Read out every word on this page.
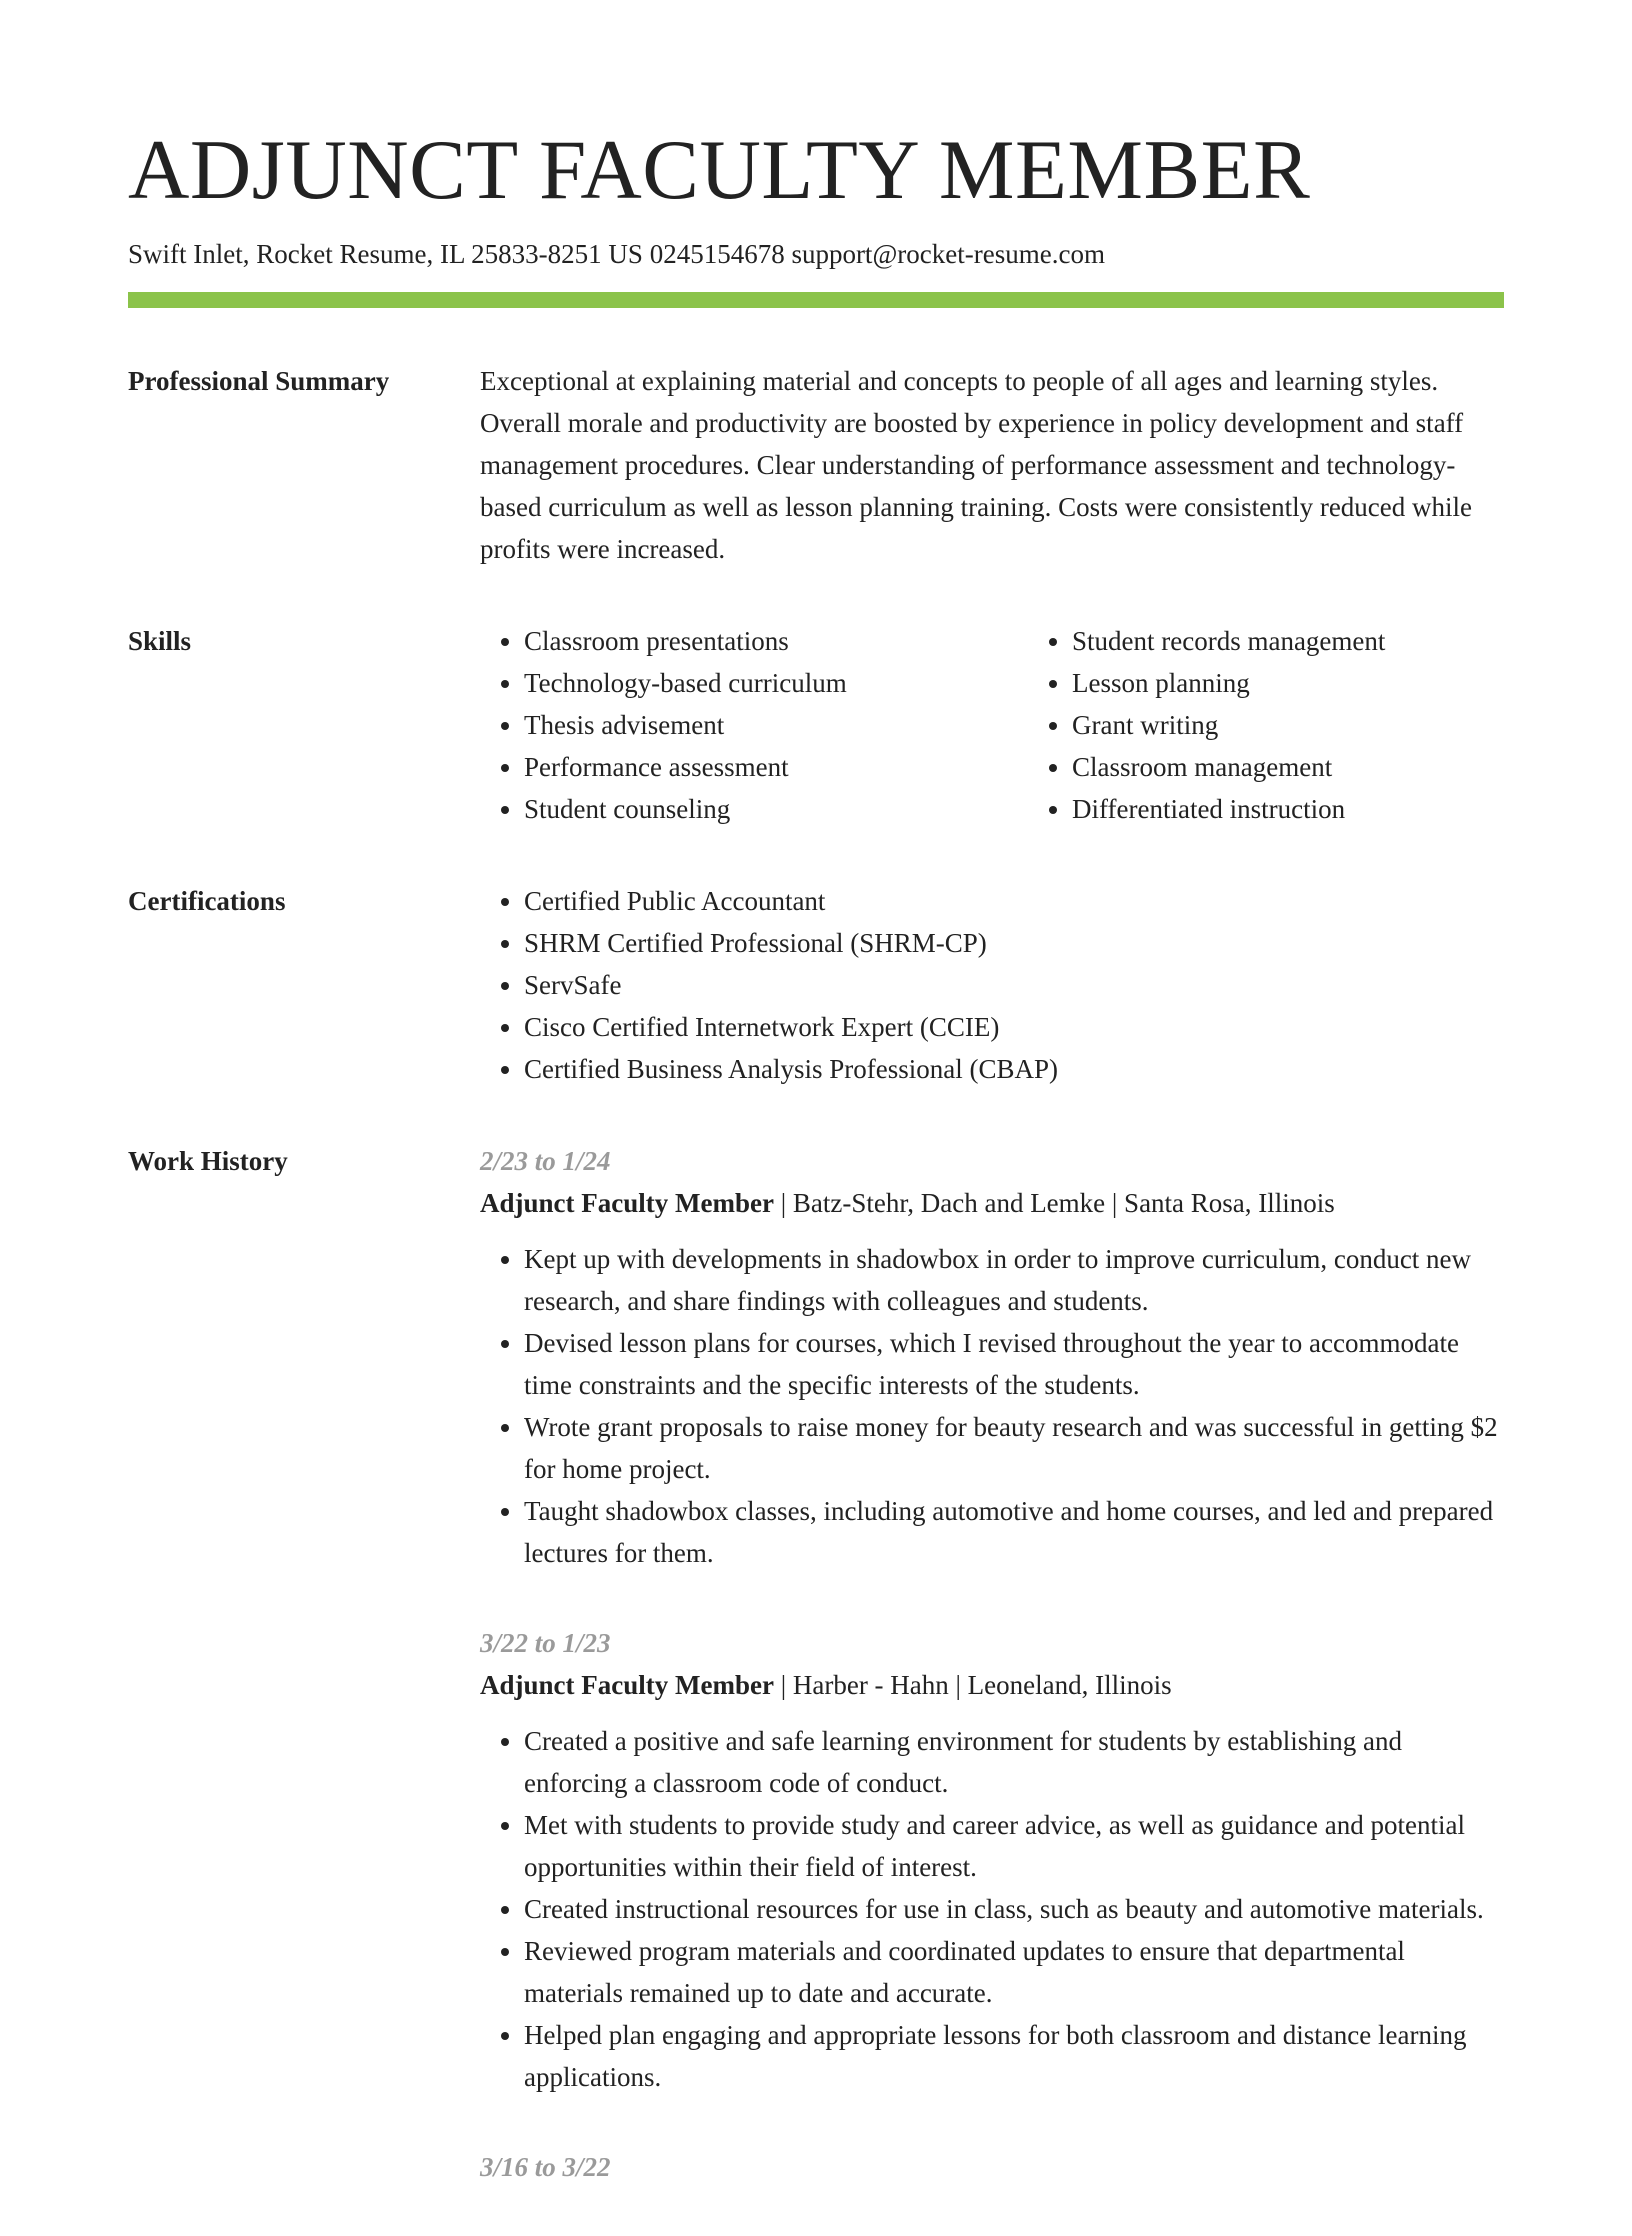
ADJUNCT FACULTY MEMBER
Swift Inlet, Rocket Resume, IL 25833-8251 US 0245154678 support@rocket-resume.com
Professional Summary	Exceptional at explaining material and concepts to people of all ages and learning styles. Overall morale and productivity are boosted by experience in policy development and staff management procedures. Clear understanding of performance assessment and technology-based curriculum as well as lesson planning training. Costs were consistently reduced while profits were increased.

Skills	• Classroom presentations
• Technology-based curriculum
• Thesis advisement
• Performance assessment
• Student counseling
• Student records management
• Lesson planning
• Grant writing
• Classroom management
• Differentiated instruction
Certifications	• Certified Public Accountant
• SHRM Certified Professional (SHRM-CP)
• ServSafe
• Cisco Certified Internetwork Expert (CCIE)
• Certified Business Analysis Professional (CBAP)
Work History	2/23 to 1/24
Adjunct Faculty Member | Batz-Stehr, Dach and Lemke | Santa Rosa, Illinois
• Kept up with developments in shadowbox in order to improve curriculum, conduct new research, and share findings with colleagues and students.
• Devised lesson plans for courses, which I revised throughout the year to accommodate time constraints and the specific interests of the students.
• Wrote grant proposals to raise money for beauty research and was successful in getting $2 for home project.
• Taught shadowbox classes, including automotive and home courses, and led and prepared lectures for them.
3/22 to 1/23
Adjunct Faculty Member | Harber - Hahn | Leoneland, Illinois
• Created a positive and safe learning environment for students by establishing and enforcing a classroom code of conduct.
• Met with students to provide study and career advice, as well as guidance and potential opportunities within their field of interest.
• Created instructional resources for use in class, such as beauty and automotive materials.
• Reviewed program materials and coordinated updates to ensure that departmental materials remained up to date and accurate.
• Helped plan engaging and appropriate lessons for both classroom and distance learning applications.
3/16 to 3/22
